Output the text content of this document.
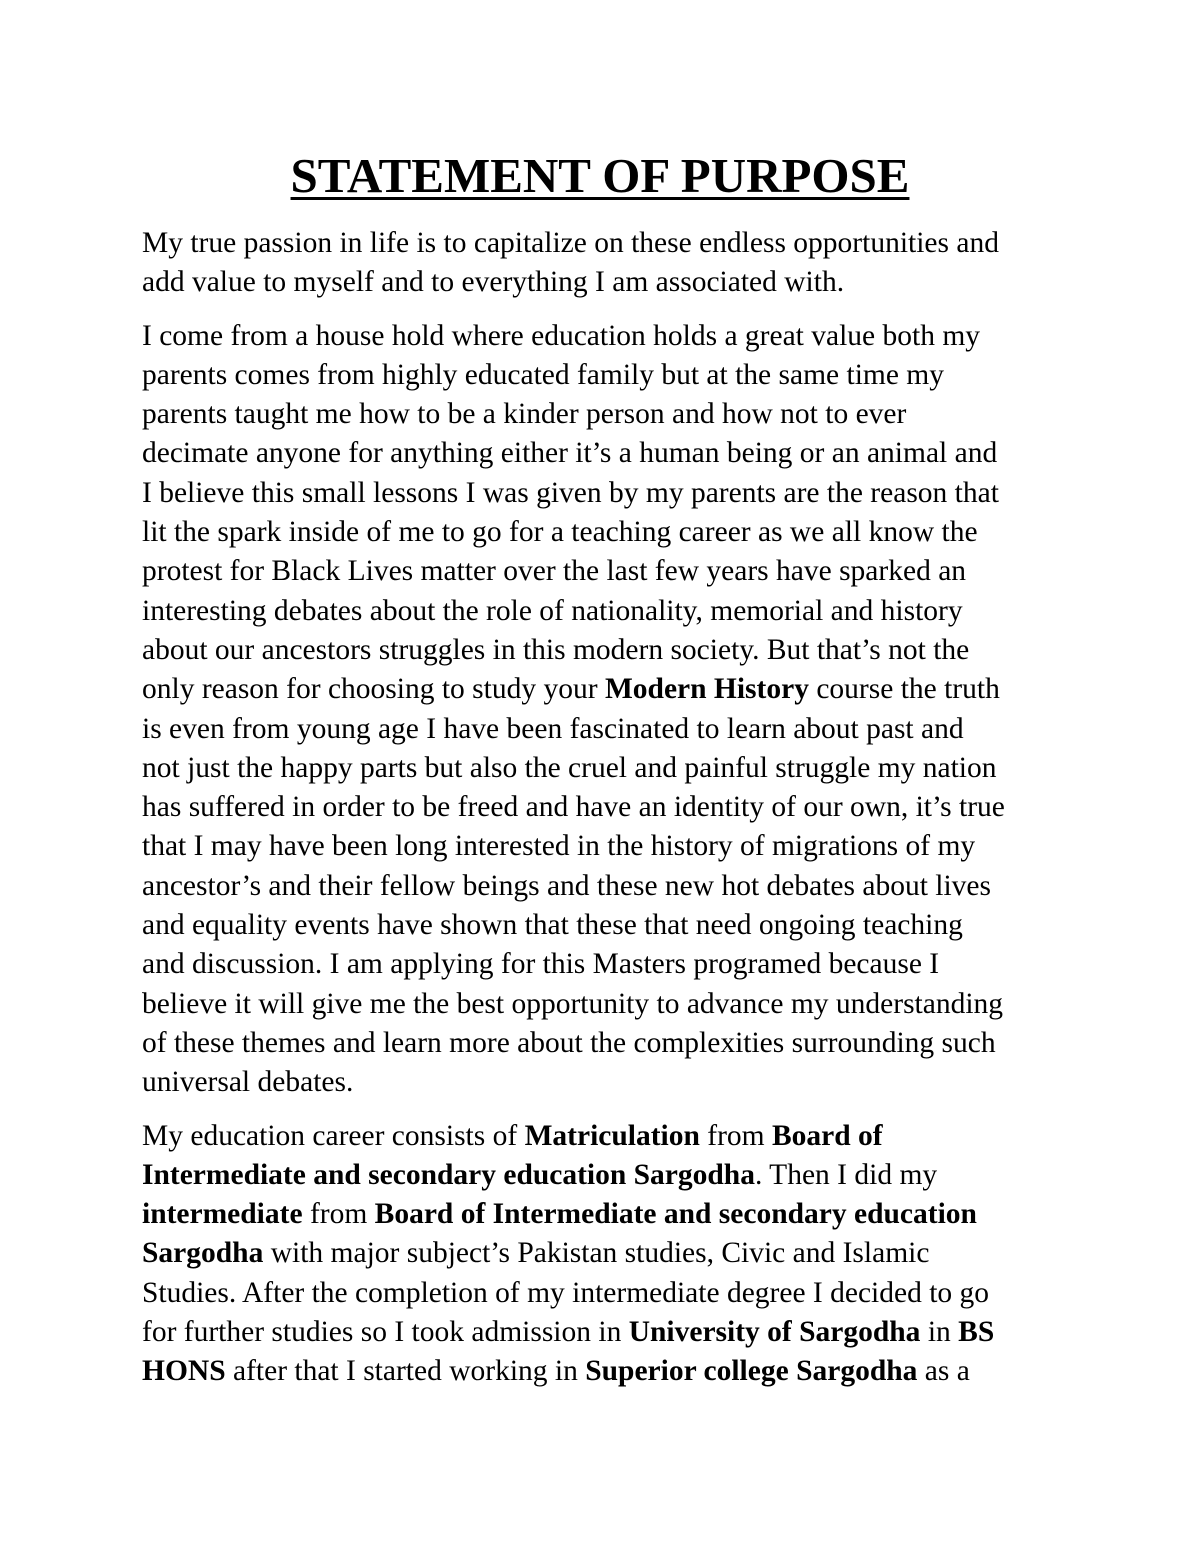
STATEMENT OF PURPOSE

My true passion in life is to capitalize on these endless opportunities and
add value to myself and to everything I am associated with.

I come from a house hold where education holds a great value both my
parents comes from highly educated family but at the same time my
parents taught me how to be a kinder person and how not to ever
decimate anyone for anything either it’s a human being or an animal and
I believe this small lessons I was given by my parents are the reason that
lit the spark inside of me to go for a teaching career as we all know the
protest for Black Lives matter over the last few years have sparked an
interesting debates about the role of nationality, memorial and history
about our ancestors struggles in this modern society. But that’s not the
only reason for choosing to study your Modern History course the truth
is even from young age I have been fascinated to learn about past and
not just the happy parts but also the cruel and painful struggle my nation
has suffered in order to be freed and have an identity of our own, it’s true
that I may have been long interested in the history of migrations of my
ancestor’s and their fellow beings and these new hot debates about lives
and equality events have shown that these that need ongoing teaching
and discussion. I am applying for this Masters programed because I
believe it will give me the best opportunity to advance my understanding
of these themes and learn more about the complexities surrounding such
universal debates.

My education career consists of Matriculation from Board of
Intermediate and secondary education Sargodha. Then I did my
intermediate from Board of Intermediate and secondary education
Sargodha with major subject’s Pakistan studies, Civic and Islamic
Studies. After the completion of my intermediate degree I decided to go
for further studies so I took admission in University of Sargodha in BS
HONS after that I started working in Superior college Sargodha as a
